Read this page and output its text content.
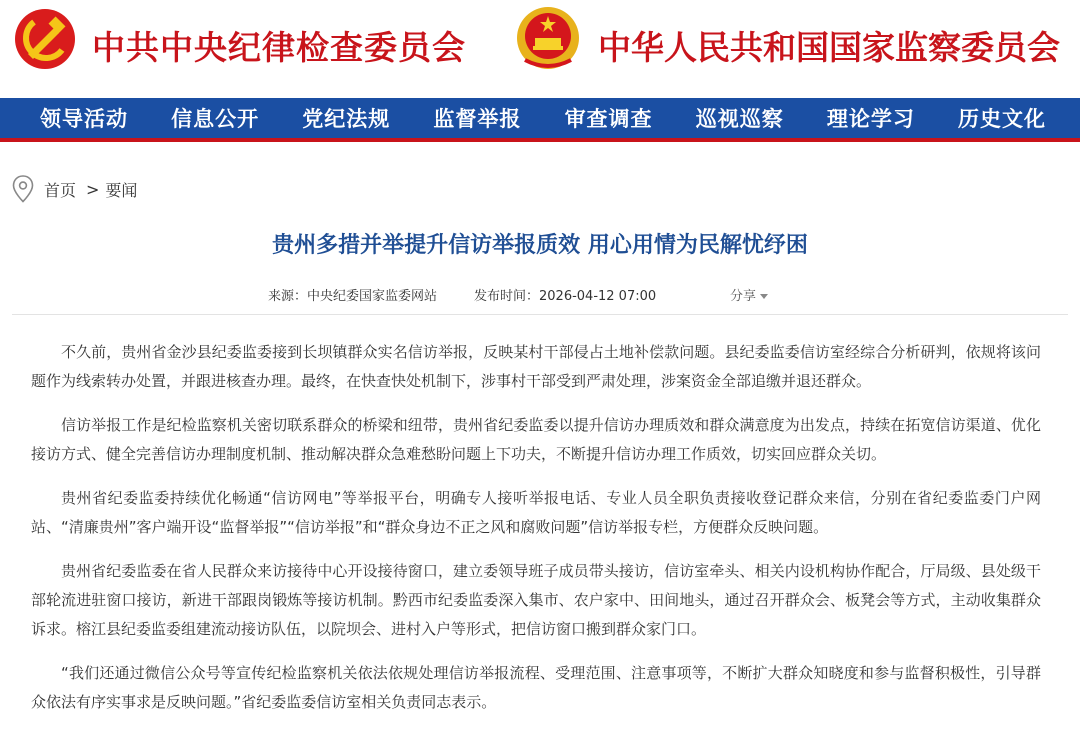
中共中央纪律检查委员会	中华人民共和国国家监察委员会
领导活动 信息公开 党纪法规 监督举报 审查调查 巡视巡察 理论学习 历史文化
首页 > 要闻
贵州多措并举提升信访举报质效 用心用情为民解忧纾困
来源：中央纪委国家监委网站	发布时间：2026-04-12 07:00	分享

不久前，贵州省金沙县纪委监委接到长坝镇群众实名信访举报，反映某村干部侵占土地补偿款问题。县纪委监委信访室经综合分析研判，依规将该问题作为线索转办处置，并跟进核查办理。最终，在快查快处机制下，涉事村干部受到严肃处理，涉案资金全部追缴并退还群众。

信访举报工作是纪检监察机关密切联系群众的桥梁和纽带，贵州省纪委监委以提升信访办理质效和群众满意度为出发点，持续在拓宽信访渠道、优化接访方式、健全完善信访办理制度机制、推动解决群众急难愁盼问题上下功夫，不断提升信访办理工作质效，切实回应群众关切。

贵州省纪委监委持续优化畅通“信访网电”等举报平台，明确专人接听举报电话、专业人员全职负责接收登记群众来信，分别在省纪委监委门户网站、“清廉贵州”客户端开设“监督举报”“信访举报”和“群众身边不正之风和腐败问题”信访举报专栏，方便群众反映问题。

贵州省纪委监委在省人民群众来访接待中心开设接待窗口，建立委领导班子成员带头接访，信访室牵头、相关内设机构协作配合，厅局级、县处级干部轮流进驻窗口接访，新进干部跟岗锻炼等接访机制。黔西市纪委监委深入集市、农户家中、田间地头，通过召开群众会、板凳会等方式，主动收集群众诉求。榕江县纪委监委组建流动接访队伍，以院坝会、进村入户等形式，把信访窗口搬到群众家门口。

“我们还通过微信公众号等宣传纪检监察机关依法依规处理信访举报流程、受理范围、注意事项等，不断扩大群众知晓度和参与监督积极性，引导群众依法有序实事求是反映问题。”省纪委监委信访室相关负责同志表示。
